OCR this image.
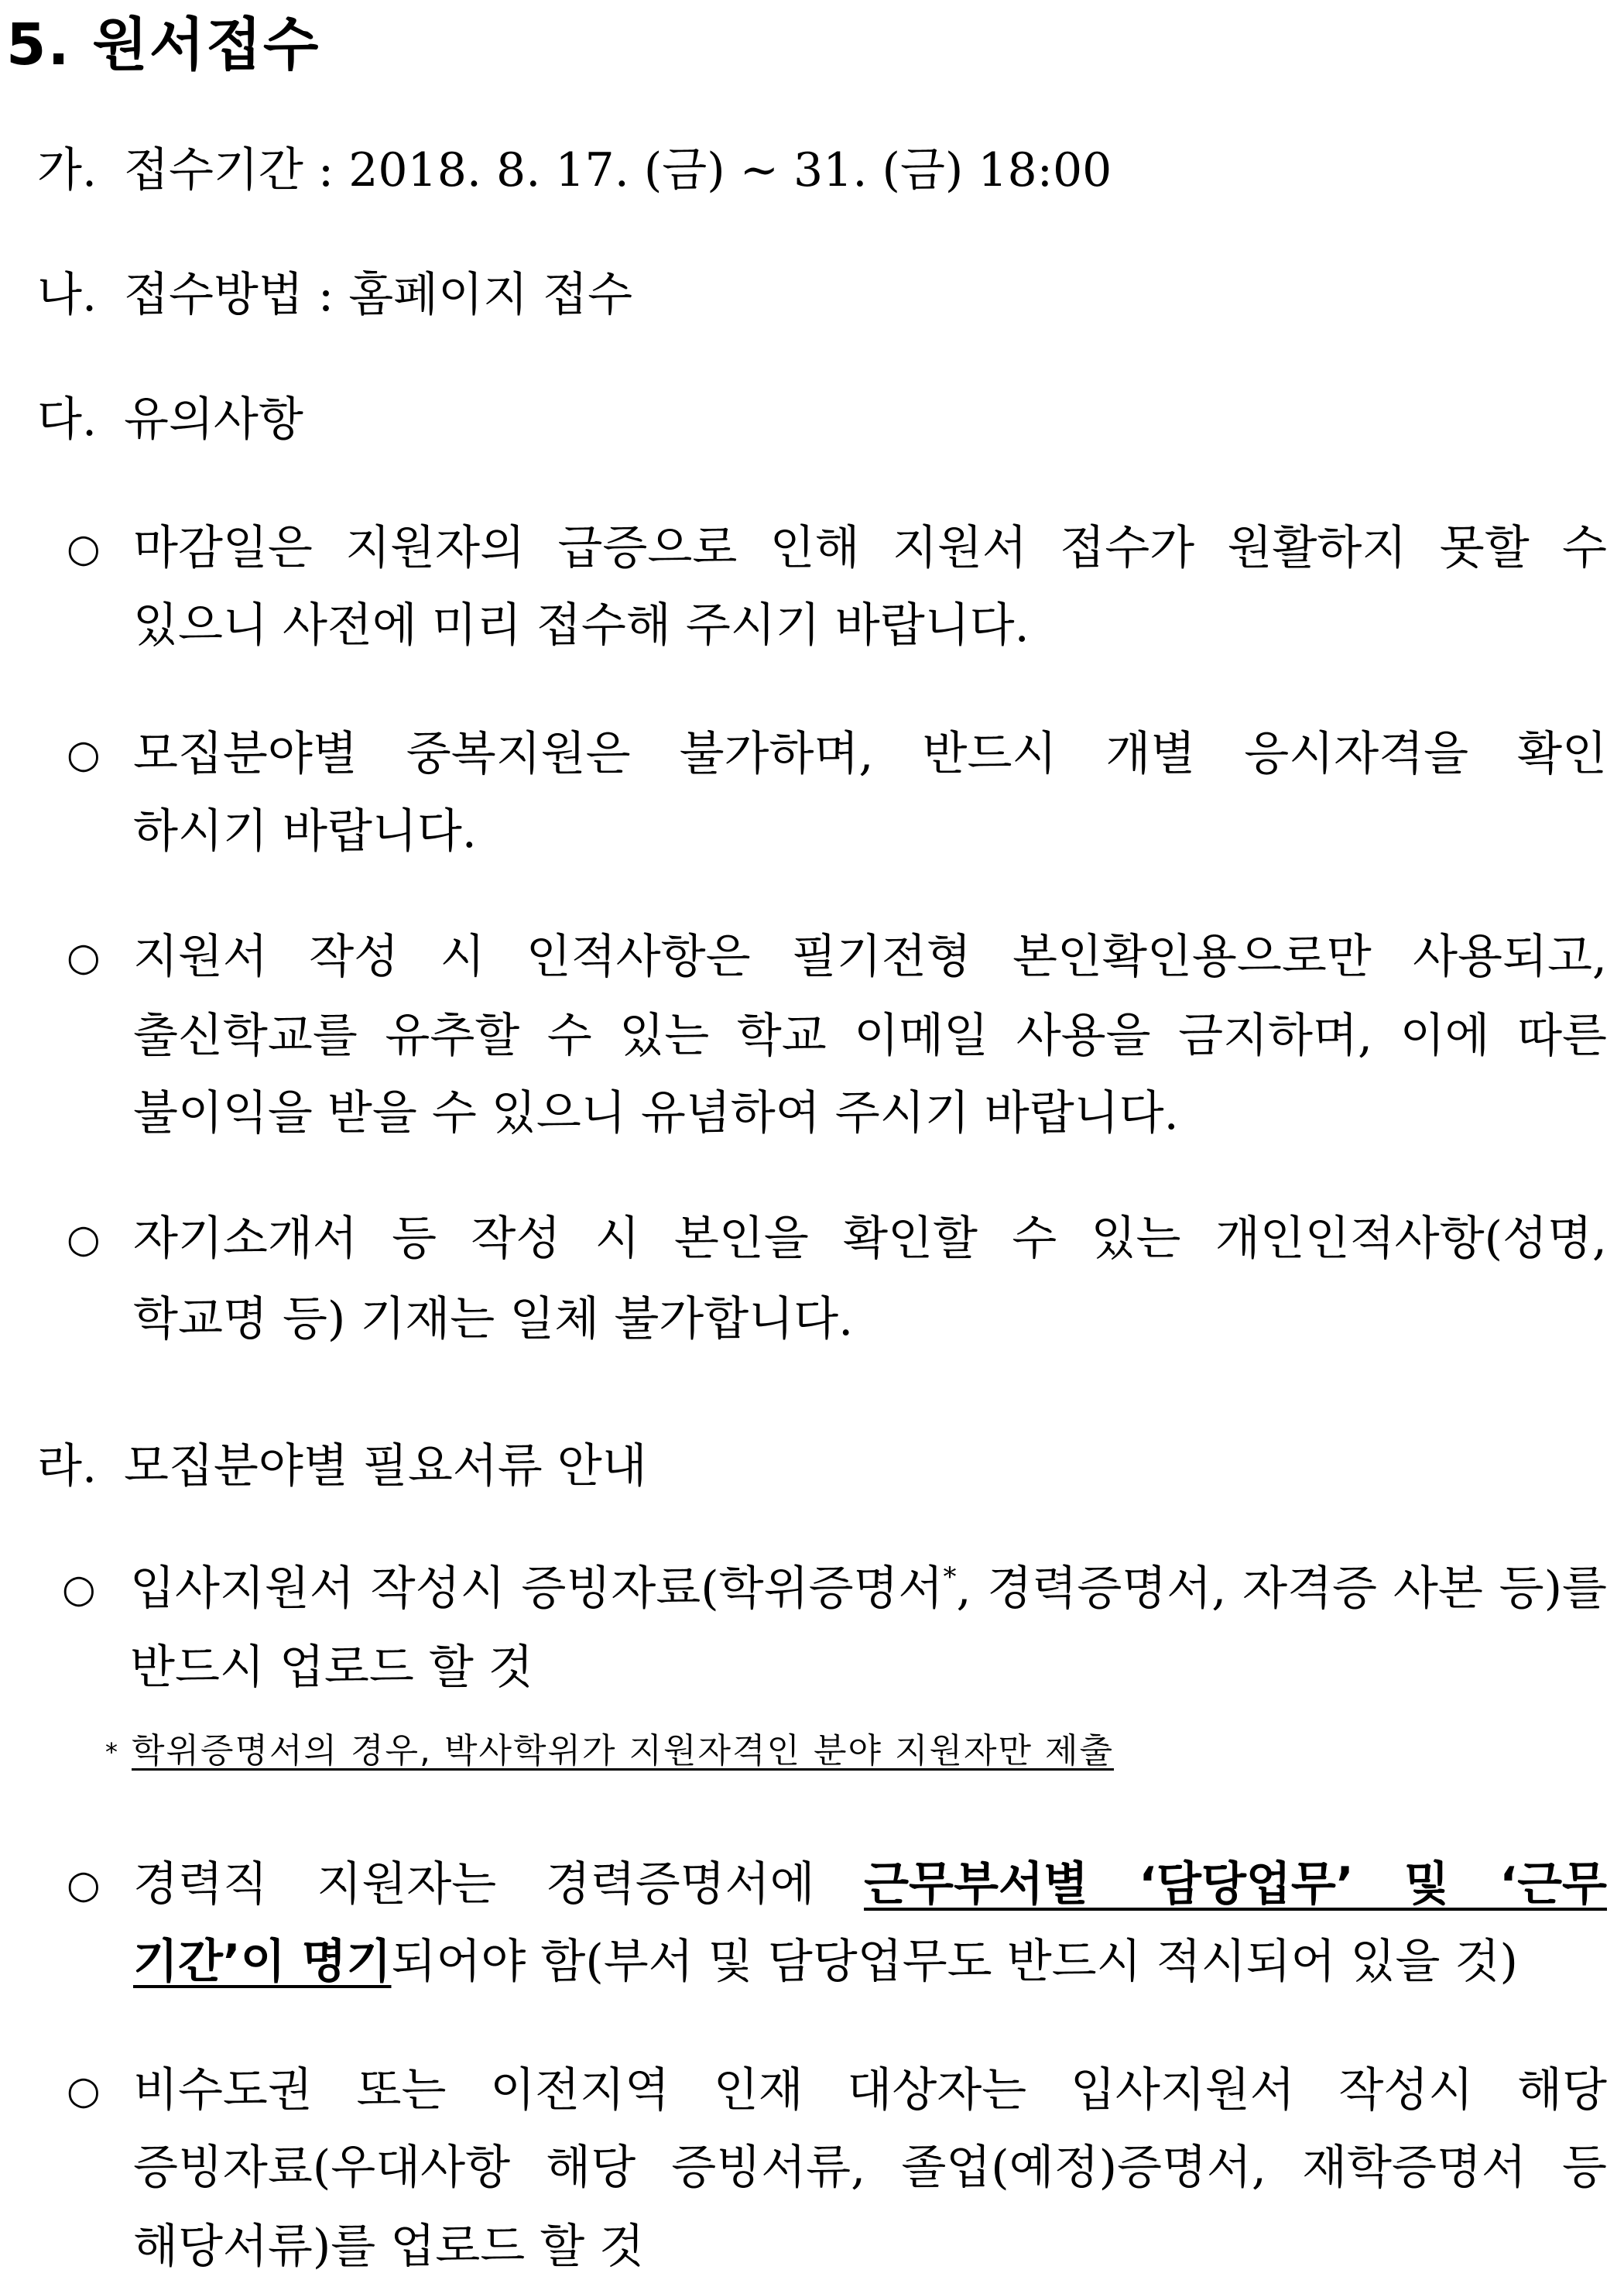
5. 원서접수
가. 접수기간 : 2018. 8. 17. (금) ~ 31. (금) 18:00
나. 접수방법 : 홈페이지 접수
다. 유의사항
○ 마감일은 지원자의 급증으로 인해 지원서 접수가 원활하지 못할 수
있으니 사전에 미리 접수해 주시기 바랍니다.
○ 모집분야별 중복지원은 불가하며, 반드시 개별 응시자격을 확인
하시기 바랍니다.
○ 지원서 작성 시 인적사항은 필기전형 본인확인용으로만 사용되고,
출신학교를 유추할 수 있는 학교 이메일 사용을 금지하며, 이에 따른
불이익을 받을 수 있으니 유념하여 주시기 바랍니다.
○ 자기소개서 등 작성 시 본인을 확인할 수 있는 개인인적사항(성명,
학교명 등) 기재는 일체 불가합니다.
라. 모집분야별 필요서류 안내
○ 입사지원서 작성시 증빙자료(학위증명서*, 경력증명서, 자격증 사본 등)를
반드시 업로드 할 것
* 학위증명서의 경우, 박사학위가 지원자격인 분야 지원자만 제출
○ 경력직 지원자는 경력증명서에 근무부서별 ‘담당업무’ 및 ‘근무
기간’이 명기되어야 함(부서 및 담당업무도 반드시 적시되어 있을 것)
○ 비수도권 또는 이전지역 인재 대상자는 입사지원서 작성시 해당
증빙자료(우대사항 해당 증빙서류, 졸업(예정)증명서, 재학증명서 등
해당서류)를 업로드 할 것
